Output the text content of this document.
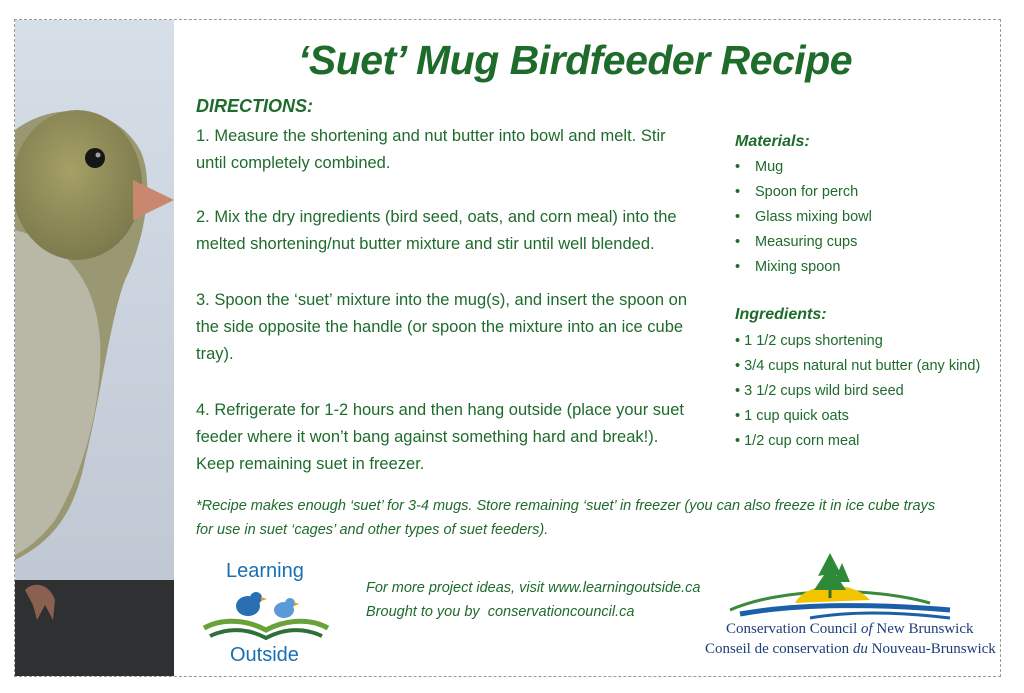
‘Suet’ Mug Birdfeeder Recipe
DIRECTIONS:
1. Measure the shortening and nut butter into bowl and melt. Stir until completely combined.
2. Mix the dry ingredients (bird seed, oats, and corn meal) into the melted shortening/nut butter mixture and stir until well blended.
3. Spoon the ‘suet’ mixture into the mug(s), and insert the spoon on the side opposite the handle (or spoon the mixture into an ice cube tray).
4. Refrigerate for 1-2 hours and then hang outside (place your suet feeder where it won’t bang against something hard and break!). Keep remaining suet in freezer.
Materials:
• Mug
• Spoon for perch
• Glass mixing bowl
• Measuring cups
• Mixing spoon
Ingredients:
• 1 1/2 cups shortening
• 3/4 cups natural nut butter (any kind)
• 3 1/2 cups wild bird seed
• 1 cup quick oats
• 1/2 cup corn meal
*Recipe makes enough ‘suet’ for 3-4 mugs. Store remaining ‘suet’ in freezer (you can also freeze it in ice cube trays for use in suet ‘cages’ and other types of suet feeders).
Learning
Outside
For more project ideas, visit www.learningoutside.ca
Brought to you by conservationcouncil.ca
Conservation Council of New Brunswick
Conseil de conservation du Nouveau-Brunswick
